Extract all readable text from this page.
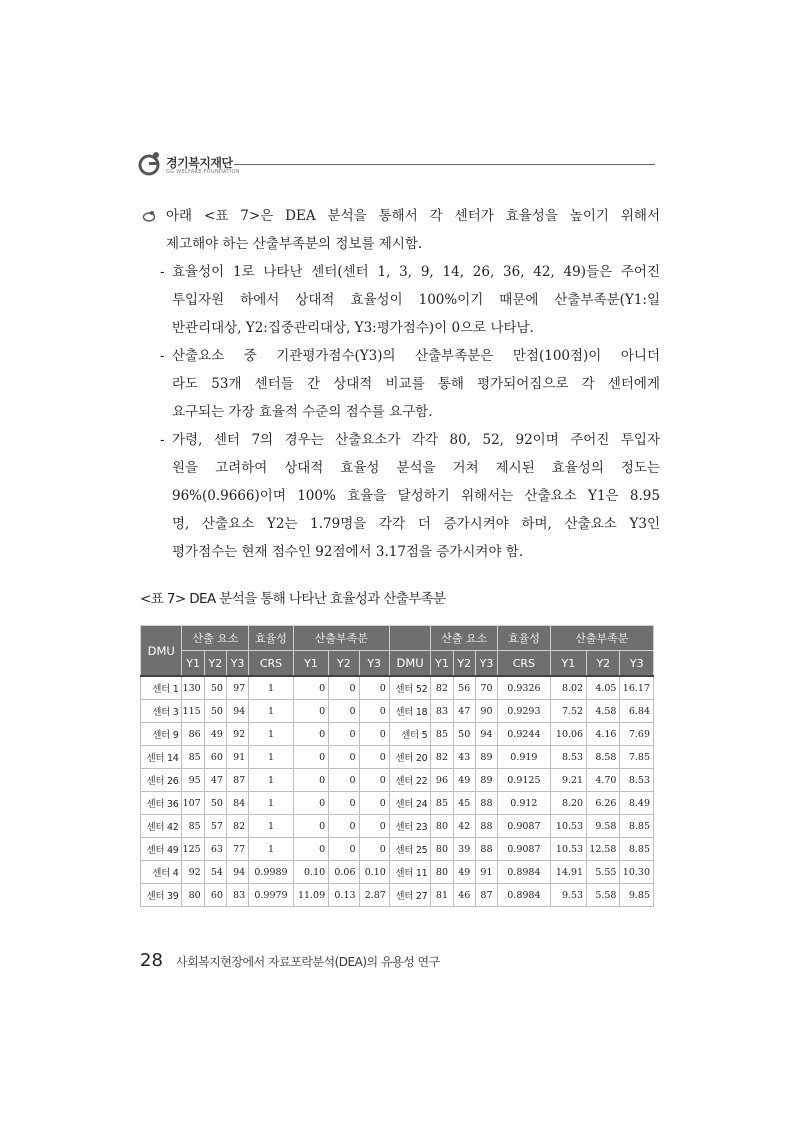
경기복지재단
GG WELFARE FOUNDATION
아래 <표 7>은 DEA 분석을 통해서 각 센터가 효율성을 높이기 위해서
제고해야 하는 산출부족분의 정보를 제시함.
- 효율성이 1로 나타난 센터(센터 1, 3, 9, 14, 26, 36, 42, 49)들은 주어진
투입자원 하에서 상대적 효율성이 100%이기 때문에 산출부족분(Y1:일
반관리대상, Y2:집중관리대상, Y3:평가점수)이 0으로 나타남.
- 산출요소 중 기관평가점수(Y3)의 산출부족분은 만점(100점)이 아니더
라도 53개 센터들 간 상대적 비교를 통해 평가되어짐으로 각 센터에게
요구되는 가장 효율적 수준의 점수를 요구함.
- 가령, 센터 7의 경우는 산출요소가 각각 80, 52, 92이며 주어진 투입자
원을 고려하여 상대적 효율성 분석을 거쳐 제시된 효율성의 정도는
96%(0.9666)이며 100% 효율을 달성하기 위해서는 산출요소 Y1은 8.95
명, 산출요소 Y2는 1.79명을 각각 더 증가시켜야 하며, 산출요소 Y3인
평가점수는 현재 점수인 92점에서 3.17점을 증가시켜야 함.
<표 7> DEA 분석을 통해 나타난 효율성과 산출부족분
DMU	산출 요소			효율성	산출부족분				산출 요소			효율성	산출부족분		
	Y1	Y2	Y3	CRS	Y1	Y2	Y3	DMU	Y1	Y2	Y3	CRS	Y1	Y2	Y3
센터 1	130	50	97	1	0	0	0	센터 52	82	56	70	0.9326	8.02	4.05	16.17
센터 3	115	50	94	1	0	0	0	센터 18	83	47	90	0.9293	7.52	4.58	6.84
센터 9	86	49	92	1	0	0	0	센터 5	85	50	94	0.9244	10.06	4.16	7.69
센터 14	85	60	91	1	0	0	0	센터 20	82	43	89	0.919	8.53	8.58	7.85
센터 26	95	47	87	1	0	0	0	센터 22	96	49	89	0.9125	9.21	4.70	8.53
센터 36	107	50	84	1	0	0	0	센터 24	85	45	88	0.912	8.20	6.26	8.49
센터 42	85	57	82	1	0	0	0	센터 23	80	42	88	0.9087	10.53	9.58	8.85
센터 49	125	63	77	1	0	0	0	센터 25	80	39	88	0.9087	10.53	12.58	8.85
센터 4	92	54	94	0.9989	0.10	0.06	0.10	센터 11	80	49	91	0.8984	14.91	5.55	10.30
센터 39	80	60	83	0.9979	11.09	0.13	2.87	센터 27	81	46	87	0.8984	9.53	5.58	9.85
28 사회복지현장에서 자료포락분석(DEA)의 유용성 연구
